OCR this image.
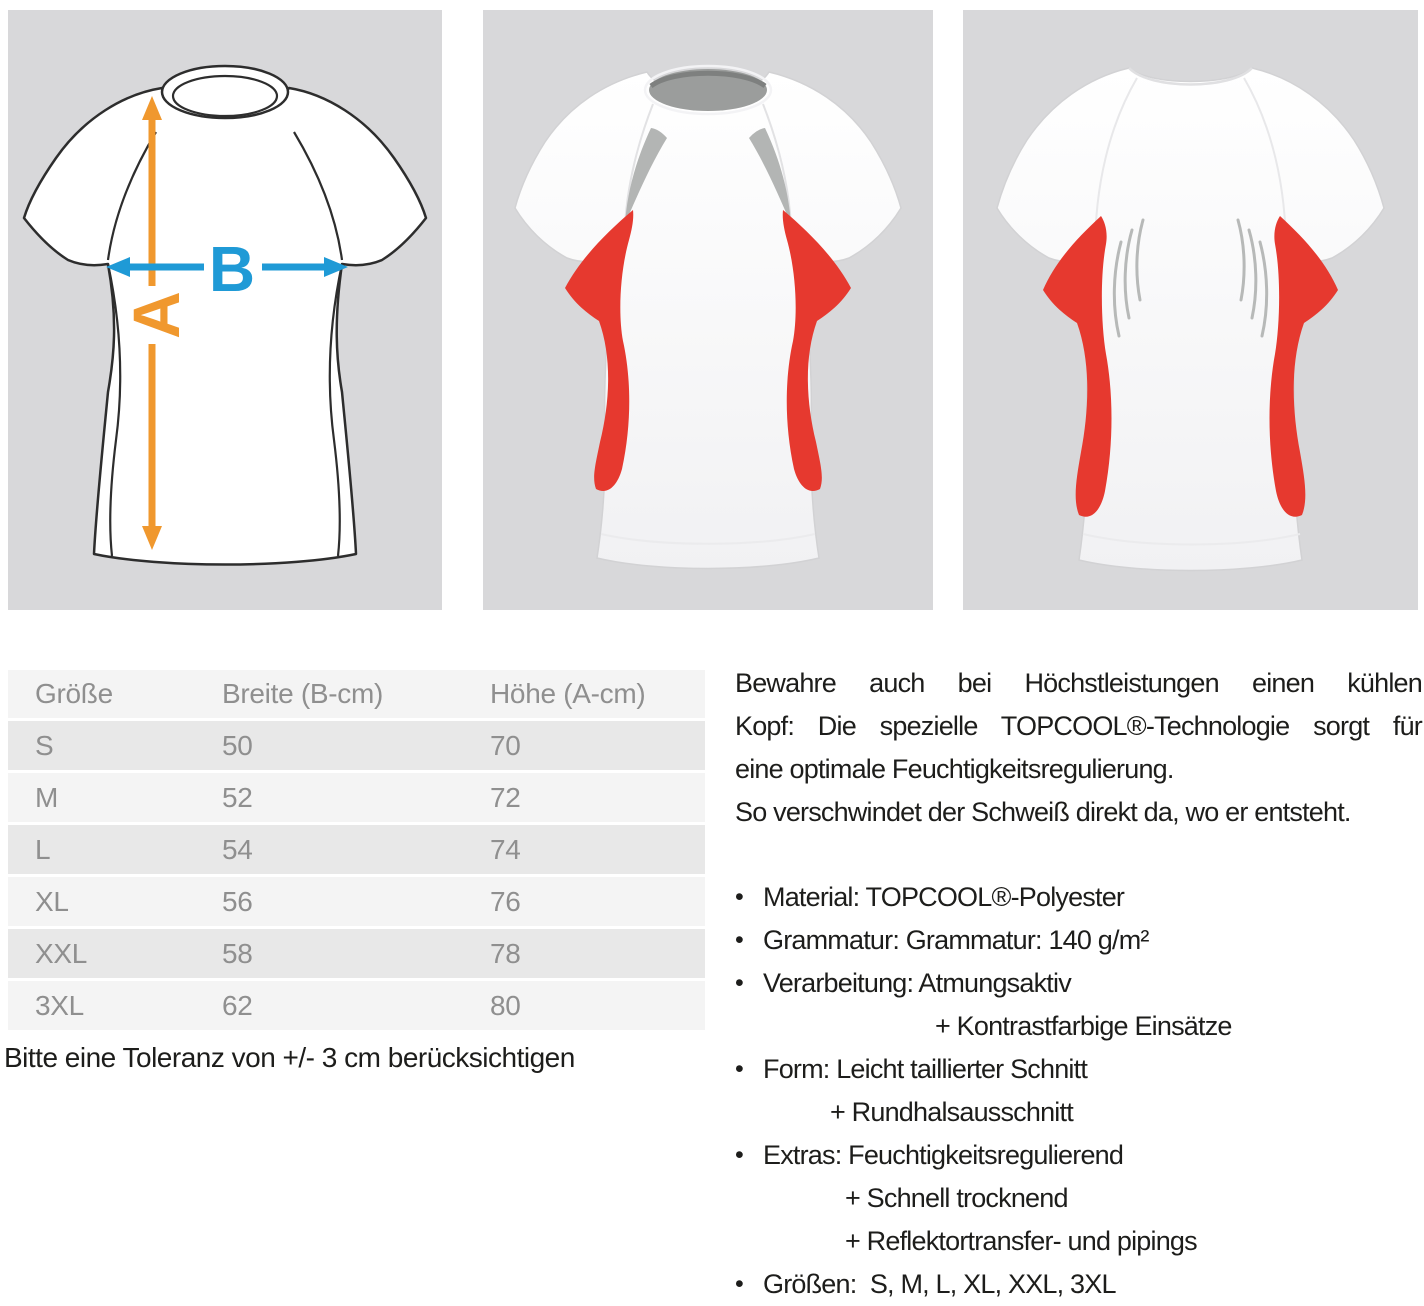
A
B
Größe	Breite (B-cm)	Höhe (A-cm)
S	50	70
M	52	72
L	54	74
XL	56	76
XXL	58	78
3XL	62	80
Bitte eine Toleranz von +/- 3 cm berücksichtigen
Bewahre auch bei Höchstleistungen einen kühlen
Kopf: Die spezielle TOPCOOL®-Technologie sorgt für
eine optimale Feuchtigkeitsregulierung.
So verschwindet der Schweiß direkt da, wo er entsteht.
• Material: TOPCOOL®-Polyester
• Grammatur: Grammatur: 140 g/m²
• Verarbeitung: Atmungsaktiv
+ Kontrastfarbige Einsätze
• Form: Leicht taillierter Schnitt
+ Rundhalsausschnitt
• Extras: Feuchtigkeitsregulierend
+ Schnell trocknend
+ Reflektortransfer- und pipings
• Größen:  S, M, L, XL, XXL, 3XL
